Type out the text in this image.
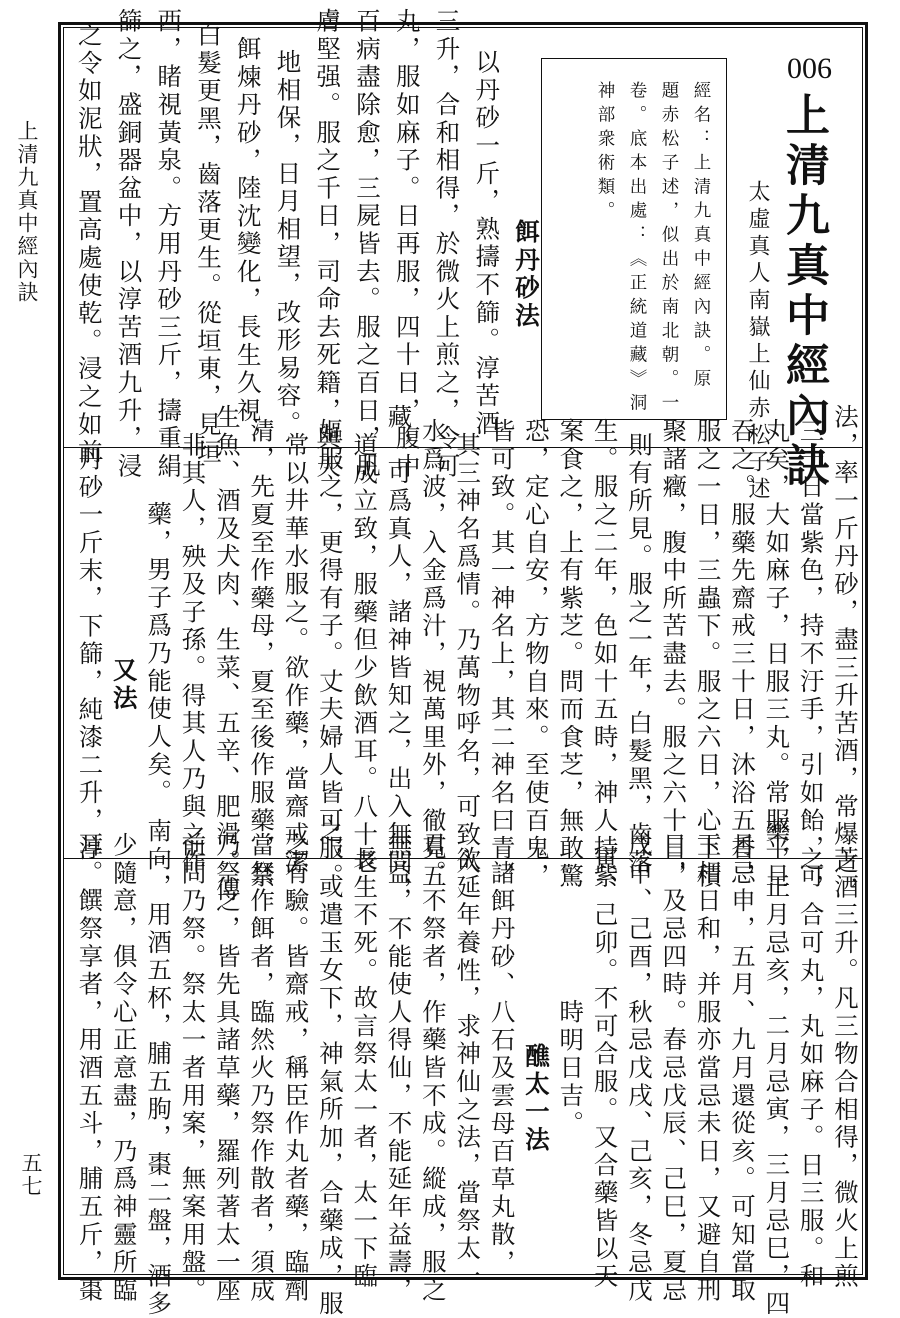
上清九真中經內訣
五七
006
上清九真中經內訣
太虛真人南嶽上仙赤松子述
經名：上清九真中經內訣。原
題赤松子述，似出於南北朝。一
卷。底本出處：《正統道藏》洞
神部衆術類。
餌丹砂法
以丹砂一斤，熟擣不篩。淳苦酒
三升，合和相得，於微火上煎之，令可
丸，服如麻子。日再服，四十日，腹中
百病盡除愈，三屍皆去。服之百日，肌
膚堅强。服之千日，司命去死籍，與天
地相保，日月相望，改形易容。
餌煉丹砂，陸沈變化，長生久視，
白髮更黑，齒落更生。從垣東，見垣
西，睹視黃泉。方用丹砂三斤，擣重絹
篩之，盛銅器盆中，以淳苦酒九升，浸
之令如泥狀，置高處使乾。浸之如前
法，率一斤丹砂，盡三升苦酒，常爆之，
三十日當紫色，持不汙手，引如飴，可
丸矣，大如麻子，日服三丸。常服平旦
吞之。服藥先齋戒三十日，沐浴五香，
服之一日，三蟲下。服之六日，心下積
聚諸癥，腹中所苦盡去。服之六十日，
則有所見。服之一年，白髮黑，齒落
生。服之二年，色如十五時，神人持紫
案食之，上有紫芝。問而食芝，無敢驚
恐，定心自安，方物自來。至使百鬼，
皆可致。其一神名上，其二神名曰青，
其三神名爲情。乃萬物呼名，可致入
水爲波，入金爲汁，視萬里外，徹見五
藏，可爲真人，諸神皆知之，出入無間，
道成立致，服藥但少飲酒耳。八十老
嫗服之，更得有子。丈夫婦人皆可服。
常以井華水服之。欲作藥，當齋戒潔
清，先夏至作藥母，夏至後作服藥，禁
生魚、酒及犬肉、生菜、五辛、肥滑。傳
非其人，殃及子孫。得其人乃與之作
藥，男子爲乃能使人矣。
又法
丹砂一斤末，下篩，純漆二升，淳
苦酒三升。凡三物合相得，微火上煎
之，合可丸，丸如麻子。日三服。和
藥，正月忌亥，二月忌寅，三月忌巳，四
月忌申，五月、九月還從亥。可知當取
王相日和，并服亦當忌未日，又避自刑
日，及忌四時。春忌戊辰、己巳，夏忌
戊申、己酉，秋忌戊戌、己亥，冬忌戊
寅、己卯。不可合服。又合藥皆以天
時明日吉。
醮太一法
諸餌丹砂、八石及雲母百草丸散，
欲延年養性，求神仙之法，當祭太一
君。不祭者，作藥皆不成。縱成，服之
無益，不能使人得仙，不能延年益壽，
長生不死。故言祭太一者，太一下臨
之，或遣玉女下，神氣所加，合藥成，服
之有驗。皆齋戒，稱臣作丸者藥，臨劑
當祭作餌者，臨然火乃祭作散者，須成
乃祭之，皆先具諸草藥，羅列著太一座
前問乃祭。祭太一者用案，無案用盤。
南向，用酒五杯，脯五朐，棗二盤，酒多
少隨意，俱令心正意盡，乃爲神靈所臨
耳。饌祭享者，用酒五斗，脯五斤，棗
